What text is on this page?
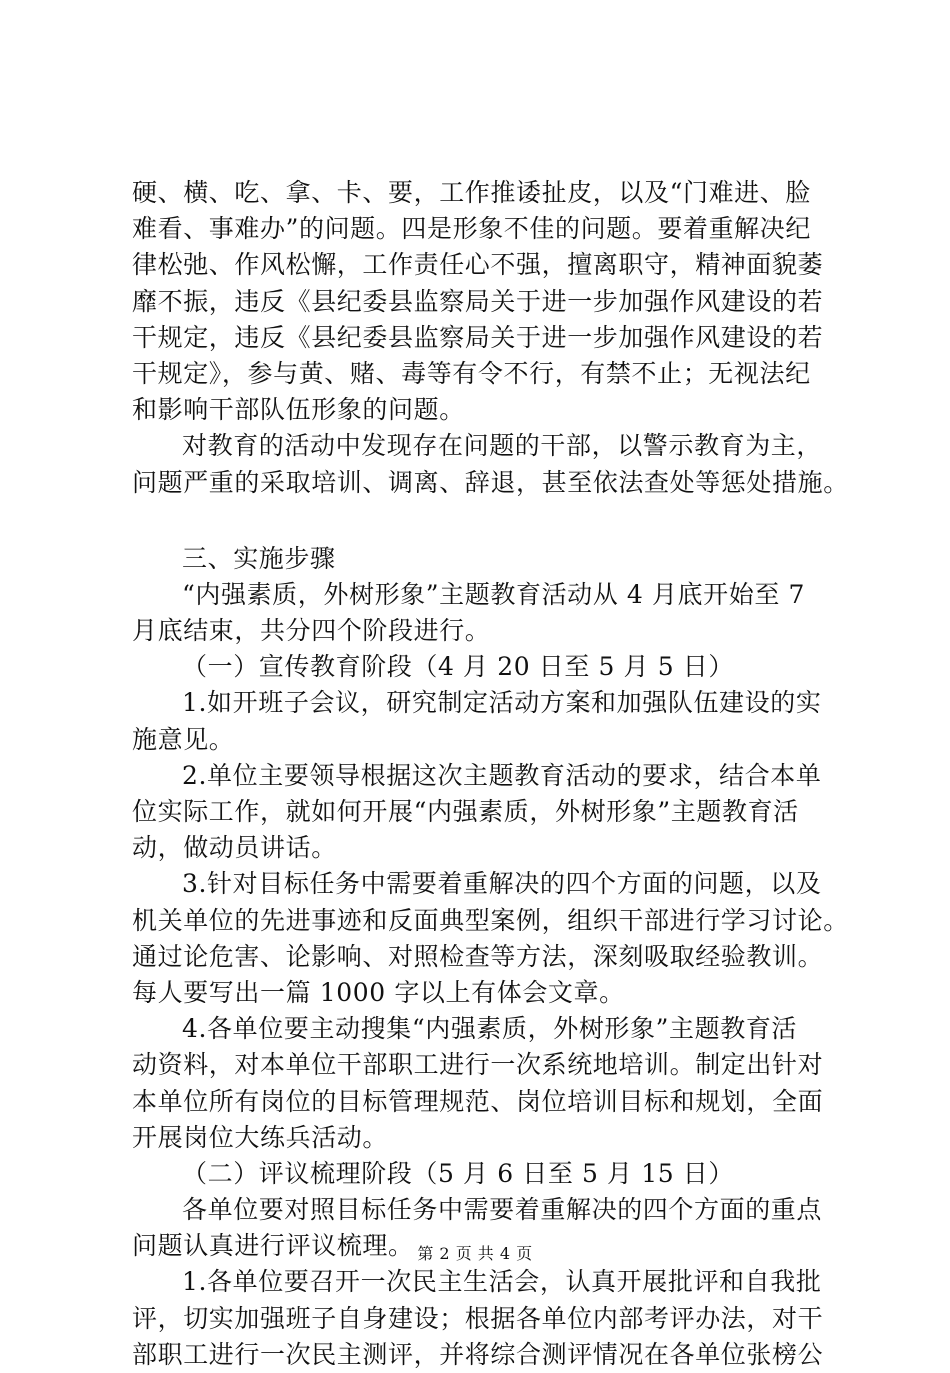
硬、横、吃、拿、卡、要，工作推诿扯皮，以及“门难进、脸
难看、事难办”的问题。四是形象不佳的问题。要着重解决纪
律松弛、作风松懈，工作责任心不强，擅离职守，精神面貌萎
靡不振，违反《县纪委县监察局关于进一步加强作风建设的若
干规定，违反《县纪委县监察局关于进一步加强作风建设的若
干规定》，参与黄、赌、毒等有令不行，有禁不止；无视法纪
和影响干部队伍形象的问题。
对教育的活动中发现存在问题的干部，以警示教育为主，
问题严重的采取培训、调离、辞退，甚至依法查处等惩处措施。
三、实施步骤
“内强素质，外树形象”主题教育活动从 4 月底开始至 7
月底结束，共分四个阶段进行。
（一）宣传教育阶段（4 月 20 日至 5 月 5 日）
1.如开班子会议，研究制定活动方案和加强队伍建设的实
施意见。
2.单位主要领导根据这次主题教育活动的要求，结合本单
位实际工作，就如何开展“内强素质，外树形象”主题教育活
动，做动员讲话。
3.针对目标任务中需要着重解决的四个方面的问题，以及
机关单位的先进事迹和反面典型案例，组织干部进行学习讨论。
通过论危害、论影响、对照检查等方法，深刻吸取经验教训。
每人要写出一篇 1000 字以上有体会文章。
4.各单位要主动搜集“内强素质，外树形象”主题教育活
动资料，对本单位干部职工进行一次系统地培训。制定出针对
本单位所有岗位的目标管理规范、岗位培训目标和规划，全面
开展岗位大练兵活动。
（二）评议梳理阶段（5 月 6 日至 5 月 15 日）
各单位要对照目标任务中需要着重解决的四个方面的重点
问题认真进行评议梳理。
1.各单位要召开一次民主生活会，认真开展批评和自我批
评，切实加强班子自身建设；根据各单位内部考评办法，对干
部职工进行一次民主测评，并将综合测评情况在各单位张榜公
第 2 页 共 4 页
